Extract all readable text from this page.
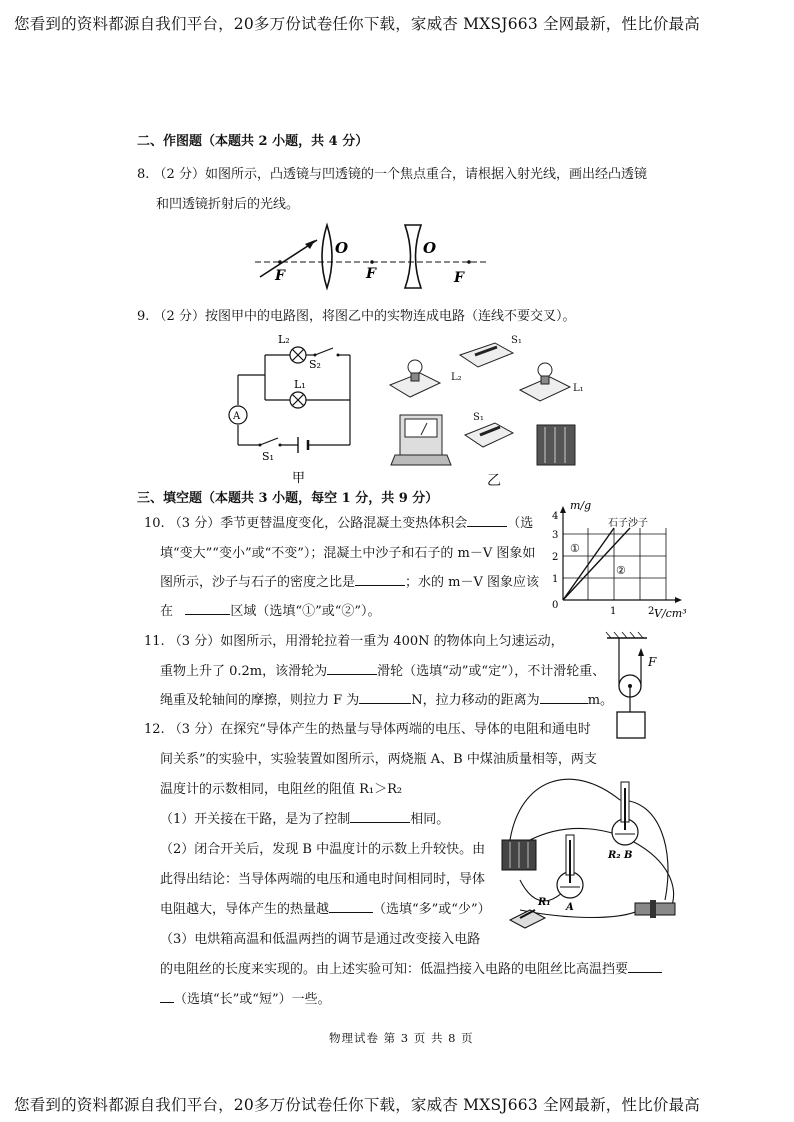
您看到的资料都源自我们平台，20多万份试卷任你下载，家威杏 MXSJ663 全网最新，性比价最高
您看到的资料都源自我们平台，20多万份试卷任你下载，家威杏 MXSJ663 全网最新，性比价最高
二、作图题（本题共 2 小题，共 4 分）
8. （2 分）如图所示，凸透镜与凹透镜的一个焦点重合，请根据入射光线，画出经凸透镜
和凹透镜折射后的光线。
O	O
F	F	F
9. （2 分）按图甲中的电路图，将图乙中的实物连成电路（连线不要交叉）。
A
L₂
S₂
L₁
S₁
甲
S₁
L₂
L₁
S₁
乙
三、填空题（本题共 3 小题，每空 1 分，共 9 分）
10. （3 分）季节更替温度变化，公路混凝土变热体积会	（选
填“变大”“变小”或“不变”）；混凝土中沙子和石子的 m－V 图象如
图所示，沙子与石子的密度之比是	；水的 m－V 图象应该
在	区域（选填“①”或“②”）。
m/g
V/cm³
石子沙子
①
②
0
1
2
3
4
1	2
11. （3 分）如图所示，用滑轮拉着一重为 400N 的物体向上匀速运动，
重物上升了 0.2m，该滑轮为	滑轮（选填“动”或“定”），不计滑轮重、
绳重及轮轴间的摩擦，则拉力 F 为	N，拉力移动的距离为	m。
F
12. （3 分）在探究“导体产生的热量与导体两端的电压、导体的电阻和通电时
间关系”的实验中，实验装置如图所示，两烧瓶 A、B 中煤油质量相等，两支
温度计的示数相同，电阻丝的阻值 R₁＞R₂
（1）开关接在干路，是为了控制	相同。
（2）闭合开关后，发现 B 中温度计的示数上升较快。由
此得出结论：当导体两端的电压和通电时间相同时，导体
电阻越大，导体产生的热量越	（选填“多”或“少”）
（3）电烘箱高温和低温两挡的调节是通过改变接入电路
的电阻丝的长度来实现的。由上述实验可知：低温挡接入电路的电阻丝比高温挡要
（选填“长”或“短”）一些。
R₂ B
R₁ A
物理试卷 第 3 页 共 8 页
